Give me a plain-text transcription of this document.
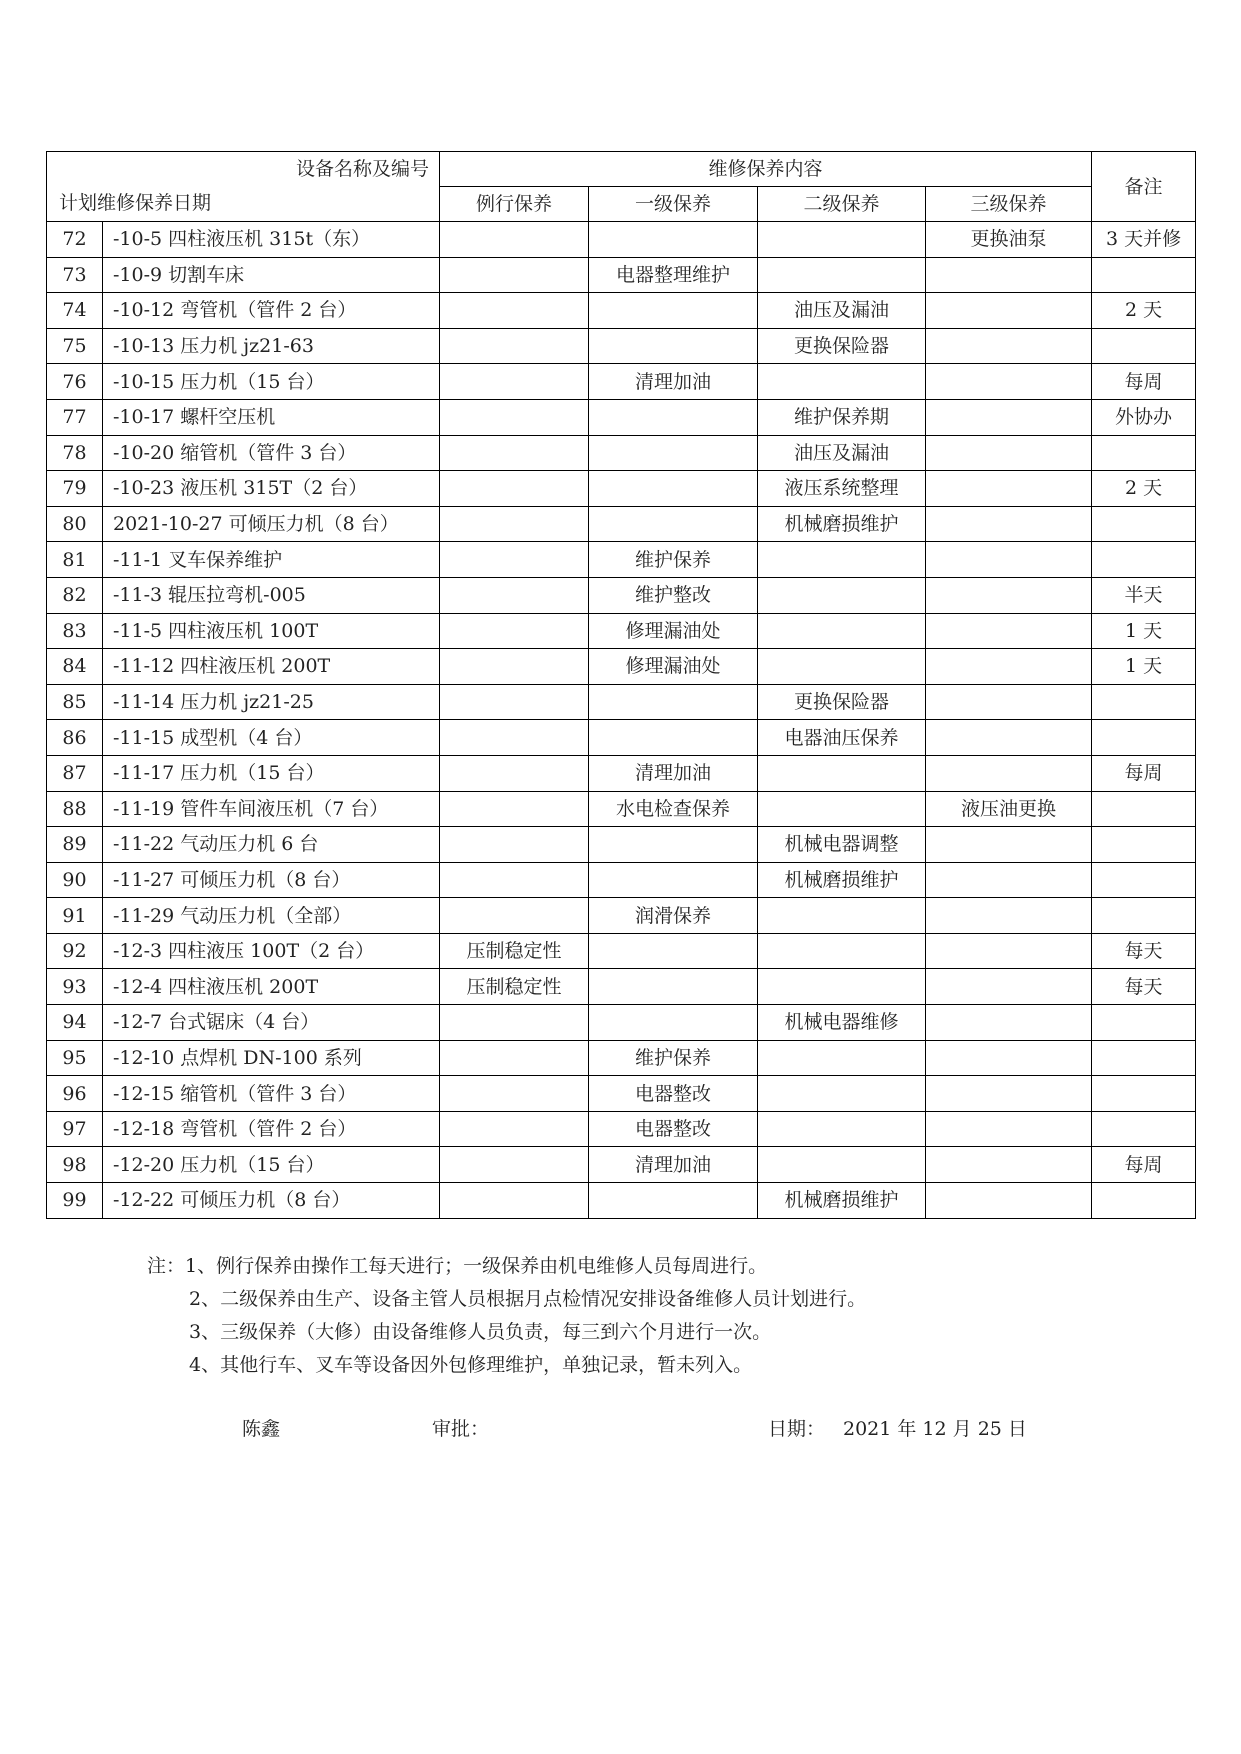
设备名称及编号
计划维修保养日期		维修保养内容				备注
		例行保养	一级保养	二级保养	三级保养	
72	-10-5 四柱液压机 315t（东）				更换油泵	3 天并修
73	-10-9 切割车床		电器整理维护			
74	-10-12 弯管机（管件 2 台）			油压及漏油		2 天
75	-10-13 压力机 jz21-63			更换保险器		
76	-10-15 压力机（15 台）		清理加油			每周
77	-10-17 螺杆空压机			维护保养期		外协办
78	-10-20 缩管机（管件 3 台）			油压及漏油		
79	-10-23 液压机 315T（2 台）			液压系统整理		2 天
80	2021-10-27 可倾压力机（8 台）			机械磨损维护		
81	-11-1 叉车保养维护		维护保养			
82	-11-3 辊压拉弯机-005		维护整改			半天
83	-11-5 四柱液压机 100T		修理漏油处			1 天
84	-11-12 四柱液压机 200T		修理漏油处			1 天
85	-11-14 压力机 jz21-25			更换保险器		
86	-11-15 成型机（4 台）			电器油压保养		
87	-11-17 压力机（15 台）		清理加油			每周
88	-11-19 管件车间液压机（7 台）		水电检查保养		液压油更换	
89	-11-22 气动压力机 6 台			机械电器调整		
90	-11-27 可倾压力机（8 台）			机械磨损维护		
91	-11-29 气动压力机（全部）		润滑保养			
92	-12-3 四柱液压 100T（2 台）	压制稳定性				每天
93	-12-4 四柱液压机 200T	压制稳定性				每天
94	-12-7 台式锯床（4 台）			机械电器维修		
95	-12-10 点焊机 DN-100 系列		维护保养			
96	-12-15 缩管机（管件 3 台）		电器整改			
97	-12-18 弯管机（管件 2 台）		电器整改			
98	-12-20 压力机（15 台）		清理加油			每周
99	-12-22 可倾压力机（8 台）			机械磨损维护		
注：1、例行保养由操作工每天进行；一级保养由机电维修人员每周进行。
2、二级保养由生产、设备主管人员根据月点检情况安排设备维修人员计划进行。
3、三级保养（大修）由设备维修人员负责，每三到六个月进行一次。
4、其他行车、叉车等设备因外包修理维护，单独记录，暂未列入。
陈鑫	审批：	日期： 2021 年 12 月 25 日
